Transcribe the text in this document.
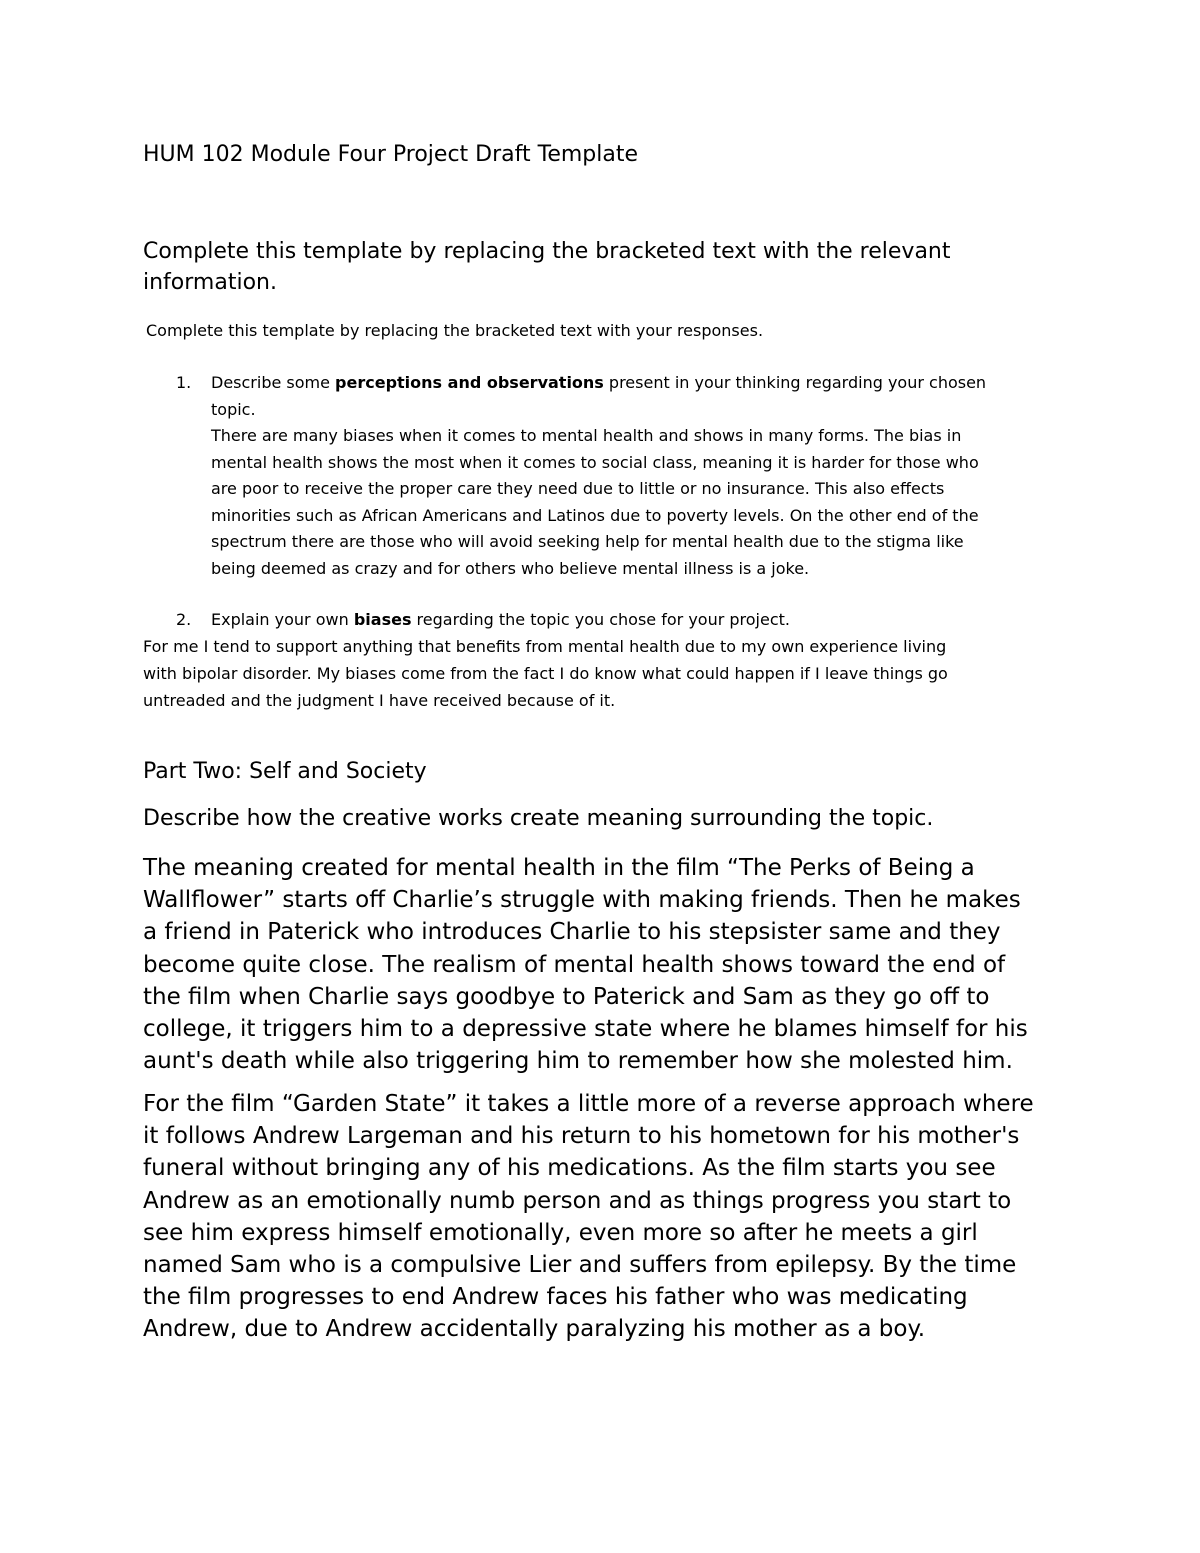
HUM 102 Module Four Project Draft Template
Complete this template by replacing the bracketed text with the relevant
information.
Complete this template by replacing the bracketed text with your responses.
1. Describe some perceptions and observations present in your thinking regarding your chosen
topic.
There are many biases when it comes to mental health and shows in many forms. The bias in
mental health shows the most when it comes to social class, meaning it is harder for those who
are poor to receive the proper care they need due to little or no insurance. This also effects
minorities such as African Americans and Latinos due to poverty levels. On the other end of the
spectrum there are those who will avoid seeking help for mental health due to the stigma like
being deemed as crazy and for others who believe mental illness is a joke.
2. Explain your own biases regarding the topic you chose for your project.
For me I tend to support anything that benefits from mental health due to my own experience living
with bipolar disorder. My biases come from the fact I do know what could happen if I leave things go
untreaded and the judgment I have received because of it.
Part Two: Self and Society
Describe how the creative works create meaning surrounding the topic.
The meaning created for mental health in the film “The Perks of Being a
Wallflower” starts off Charlie’s struggle with making friends. Then he makes
a friend in Paterick who introduces Charlie to his stepsister same and they
become quite close. The realism of mental health shows toward the end of
the film when Charlie says goodbye to Paterick and Sam as they go off to
college, it triggers him to a depressive state where he blames himself for his
aunt's death while also triggering him to remember how she molested him.
For the film “Garden State” it takes a little more of a reverse approach where
it follows Andrew Largeman and his return to his hometown for his mother's
funeral without bringing any of his medications. As the film starts you see
Andrew as an emotionally numb person and as things progress you start to
see him express himself emotionally, even more so after he meets a girl
named Sam who is a compulsive Lier and suffers from epilepsy. By the time
the film progresses to end Andrew faces his father who was medicating
Andrew, due to Andrew accidentally paralyzing his mother as a boy.
